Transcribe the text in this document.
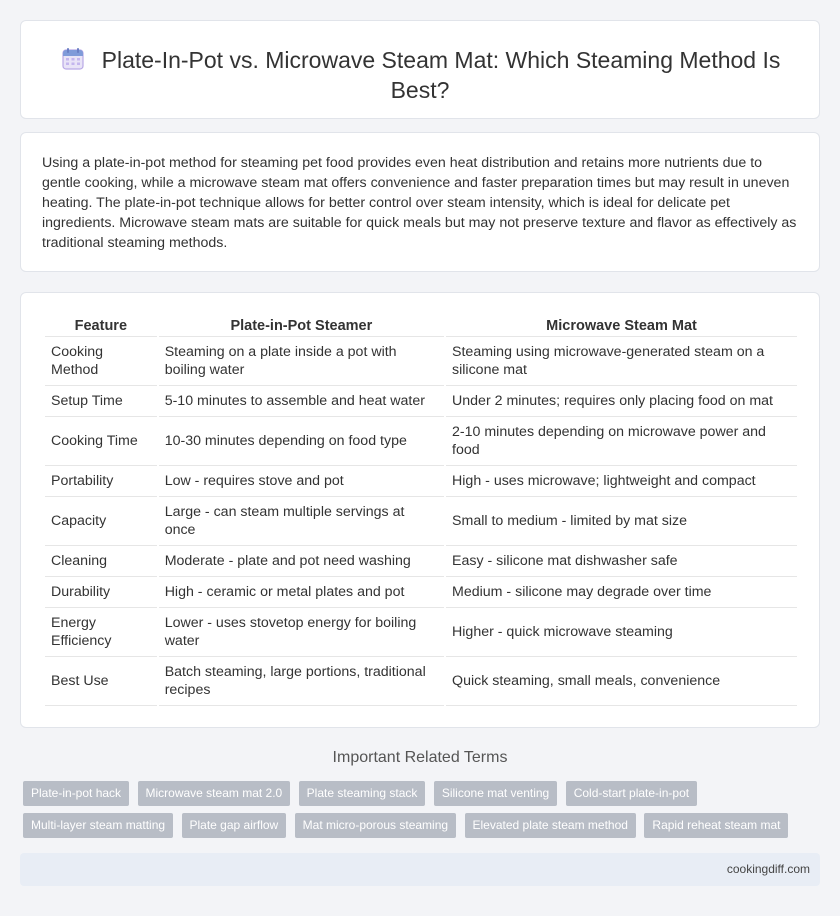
Plate-In-Pot vs. Microwave Steam Mat: Which Steaming Method Is Best?

Using a plate-in-pot method for steaming pet food provides even heat distribution and retains more nutrients due to gentle cooking, while a microwave steam mat offers convenience and faster preparation times but may result in uneven heating. The plate-in-pot technique allows for better control over steam intensity, which is ideal for delicate pet ingredients. Microwave steam mats are suitable for quick meals but may not preserve texture and flavor as effectively as traditional steaming methods.

Feature	Plate-in-Pot Steamer	Microwave Steam Mat
Cooking Method	Steaming on a plate inside a pot with boiling water	Steaming using microwave-generated steam on a silicone mat
Setup Time	5-10 minutes to assemble and heat water	Under 2 minutes; requires only placing food on mat
Cooking Time	10-30 minutes depending on food type	2-10 minutes depending on microwave power and food
Portability	Low - requires stove and pot	High - uses microwave; lightweight and compact
Capacity	Large - can steam multiple servings at once	Small to medium - limited by mat size
Cleaning	Moderate - plate and pot need washing	Easy - silicone mat dishwasher safe
Durability	High - ceramic or metal plates and pot	Medium - silicone may degrade over time
Energy Efficiency	Lower - uses stovetop energy for boiling water	Higher - quick microwave steaming
Best Use	Batch steaming, large portions, traditional recipes	Quick steaming, small meals, convenience
Important Related Terms
Plate-in-pot hack Microwave steam mat 2.0 Plate steaming stack Silicone mat venting Cold-start plate-in-pot Multi-layer steam matting Plate gap airflow Mat micro-porous steaming Elevated plate steam method Rapid reheat steam mat
cookingdiff.com
